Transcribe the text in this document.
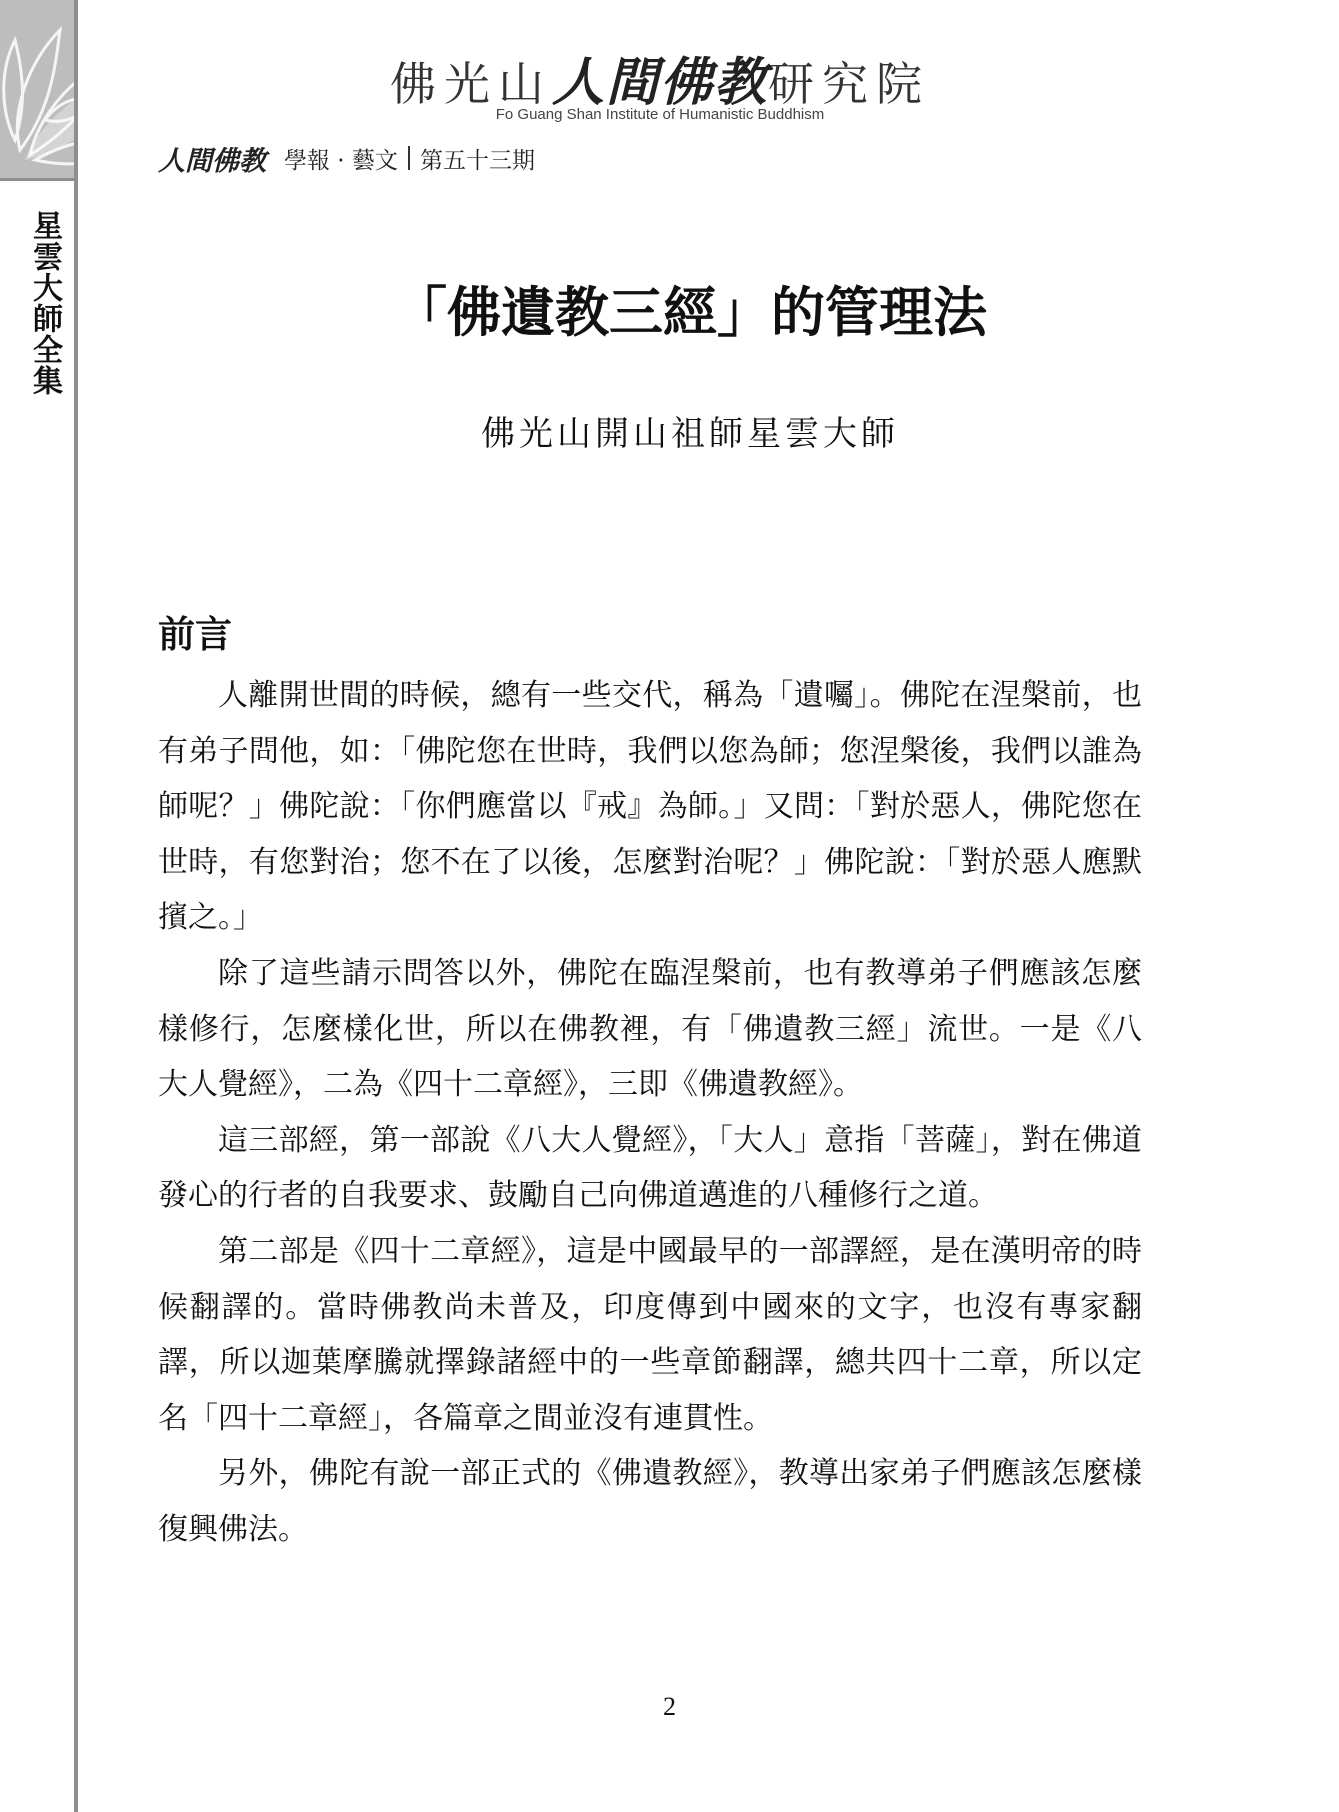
星雲大師全集
佛光山人間佛教研究院
Fo Guang Shan Institute of Humanistic Buddhism
人間佛教 學報 · 藝文 第五十三期
「佛遺教三經」的管理法
佛光山開山祖師星雲大師
前言

人離開世間的時候，總有一些交代，稱為「遺囑」。佛陀在涅槃前，也有弟子問他，如：「佛陀您在世時，我們以您為師；您涅槃後，我們以誰為師呢？」佛陀說：「你們應當以『戒』為師。」又問：「對於惡人，佛陀您在世時，有您對治；您不在了以後，怎麼對治呢？」佛陀說：「對於惡人應默擯之。」

除了這些請示問答以外，佛陀在臨涅槃前，也有教導弟子們應該怎麼樣修行，怎麼樣化世，所以在佛教裡，有「佛遺教三經」流世。一是《八大人覺經》，二為《四十二章經》，三即《佛遺教經》。

這三部經，第一部說《八大人覺經》，「大人」意指「菩薩」，對在佛道發心的行者的自我要求、鼓勵自己向佛道邁進的八種修行之道。

第二部是《四十二章經》，這是中國最早的一部譯經，是在漢明帝的時候翻譯的。當時佛教尚未普及，印度傳到中國來的文字，也沒有專家翻譯，所以迦葉摩騰就擇錄諸經中的一些章節翻譯，總共四十二章，所以定名「四十二章經」，各篇章之間並沒有連貫性。

另外，佛陀有說一部正式的《佛遺教經》，教導出家弟子們應該怎麼樣復興佛法。

2
